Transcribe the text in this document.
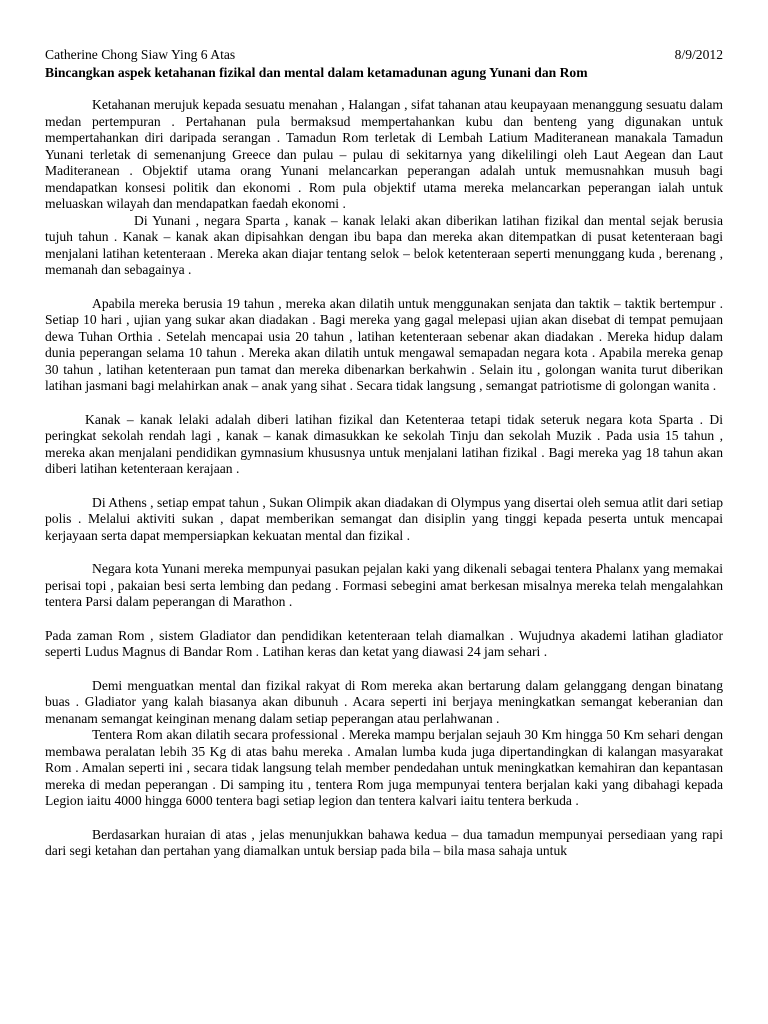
Catherine Chong Siaw Ying 6 Atas	8/9/2012
Bincangkan aspek ketahanan fizikal dan mental dalam ketamadunan agung Yunani dan Rom

Ketahanan merujuk kepada sesuatu menahan , Halangan , sifat tahanan atau keupayaan menanggung sesuatu dalam medan pertempuran . Pertahanan pula bermaksud mempertahankan kubu dan benteng yang digunakan untuk mempertahankan diri daripada serangan . Tamadun Rom terletak di Lembah Latium Maditeranean manakala Tamadun Yunani terletak di semenanjung Greece dan pulau – pulau di sekitarnya yang dikelilingi oleh Laut Aegean dan Laut Maditeranean . Objektif utama orang Yunani melancarkan peperangan adalah untuk memusnahkan musuh bagi mendapatkan konsesi politik dan ekonomi . Rom pula objektif utama mereka melancarkan peperangan ialah untuk meluaskan wilayah dan mendapatkan faedah ekonomi .

Di Yunani , negara Sparta , kanak – kanak lelaki akan diberikan latihan fizikal dan mental sejak berusia tujuh tahun . Kanak – kanak akan dipisahkan dengan ibu bapa dan mereka akan ditempatkan di pusat ketenteraan bagi menjalani latihan ketenteraan . Mereka akan diajar tentang selok – belok ketenteraan seperti menunggang kuda , berenang , memanah dan sebagainya .

Apabila mereka berusia 19 tahun , mereka akan dilatih untuk menggunakan senjata dan taktik – taktik bertempur . Setiap 10 hari , ujian yang sukar akan diadakan . Bagi mereka yang gagal melepasi ujian akan disebat di tempat pemujaan dewa Tuhan Orthia . Setelah mencapai usia 20 tahun , latihan ketenteraan sebenar akan diadakan . Mereka hidup dalam dunia peperangan selama 10 tahun . Mereka akan dilatih untuk mengawal semapadan negara kota . Apabila mereka genap 30 tahun , latihan ketenteraan pun tamat dan mereka dibenarkan berkahwin . Selain itu , golongan wanita turut diberikan latihan jasmani bagi melahirkan anak – anak yang sihat . Secara tidak langsung , semangat patriotisme di golongan wanita .

Kanak – kanak lelaki adalah diberi latihan fizikal dan Ketenteraa tetapi tidak seteruk negara kota Sparta . Di peringkat sekolah rendah lagi , kanak – kanak dimasukkan ke sekolah Tinju dan sekolah Muzik . Pada usia 15 tahun , mereka akan menjalani pendidikan gymnasium khususnya untuk menjalani latihan fizikal . Bagi mereka yag 18 tahun akan diberi latihan ketenteraan kerajaan .

Di Athens , setiap empat tahun , Sukan Olimpik akan diadakan di Olympus yang disertai oleh semua atlit dari setiap polis . Melalui aktiviti sukan , dapat memberikan semangat dan disiplin yang tinggi kepada peserta untuk mencapai kerjayaan serta dapat mempersiapkan kekuatan mental dan fizikal .

Negara kota Yunani mereka mempunyai pasukan pejalan kaki yang dikenali sebagai tentera Phalanx yang memakai perisai topi , pakaian besi serta lembing dan pedang . Formasi sebegini amat berkesan misalnya mereka telah mengalahkan tentera Parsi dalam peperangan di Marathon .

Pada zaman Rom , sistem Gladiator dan pendidikan ketenteraan telah diamalkan . Wujudnya akademi latihan gladiator seperti Ludus Magnus di Bandar Rom . Latihan keras dan ketat yang diawasi 24 jam sehari .

Demi menguatkan mental dan fizikal rakyat di Rom mereka akan bertarung dalam gelanggang dengan binatang buas . Gladiator yang kalah biasanya akan dibunuh . Acara seperti ini berjaya meningkatkan semangat keberanian dan menanam semangat keinginan menang dalam setiap peperangan atau perlahwanan .

Tentera Rom akan dilatih secara professional . Mereka mampu berjalan sejauh 30 Km hingga 50 Km sehari dengan membawa peralatan lebih 35 Kg di atas bahu mereka . Amalan lumba kuda juga dipertandingkan di kalangan masyarakat Rom . Amalan seperti ini , secara tidak langsung telah member pendedahan untuk meningkatkan kemahiran dan kepantasan mereka di medan peperangan . Di samping itu , tentera Rom juga mempunyai tentera berjalan kaki yang dibahagi kepada Legion iaitu 4000 hingga 6000 tentera bagi setiap legion dan tentera kalvari iaitu tentera berkuda .

Berdasarkan huraian di atas , jelas menunjukkan bahawa kedua – dua tamadun mempunyai persediaan yang rapi dari segi ketahan dan pertahan yang diamalkan untuk bersiap pada bila – bila masa sahaja untuk
